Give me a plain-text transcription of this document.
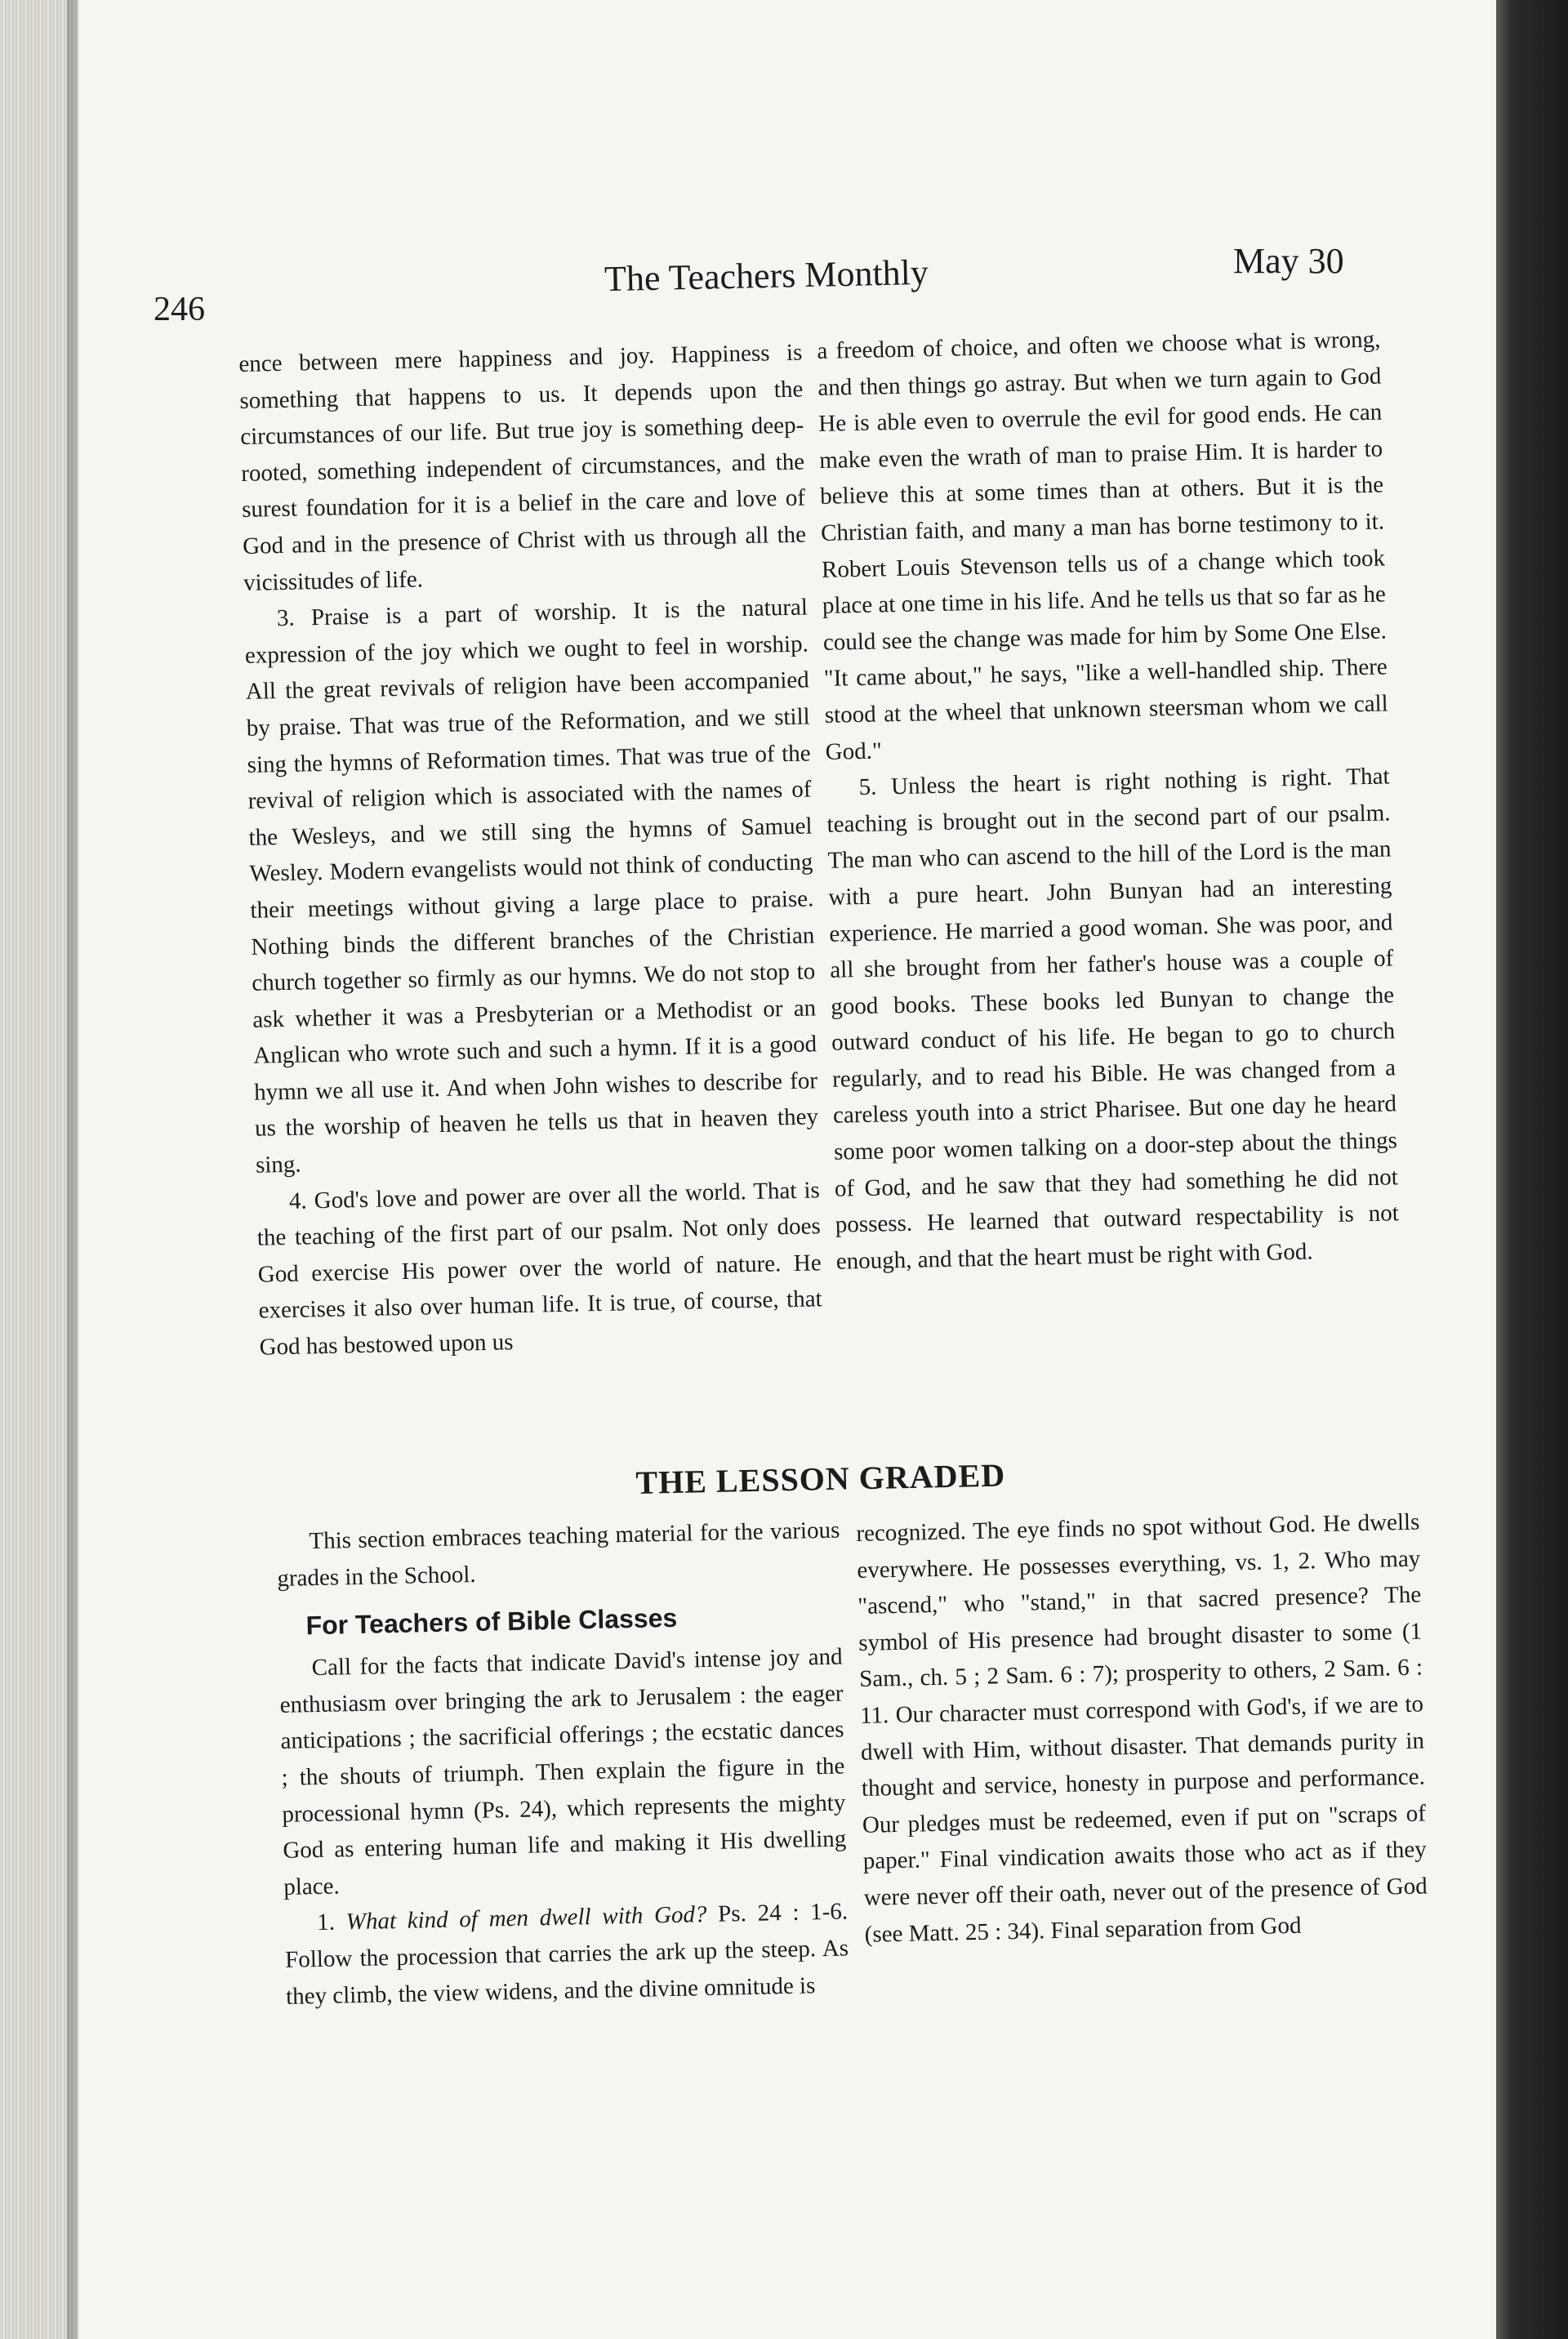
246
The Teachers Monthly	May 30

ence between mere happiness and joy. Happiness is something that happens to us. It depends upon the circumstances of our life. But true joy is something deep-rooted, something independent of circumstances, and the surest foundation for it is a belief in the care and love of God and in the presence of Christ with us through all the vicissitudes of life.

3. Praise is a part of worship. It is the natural expression of the joy which we ought to feel in worship. All the great revivals of religion have been accompanied by praise. That was true of the Reformation, and we still sing the hymns of Reformation times. That was true of the revival of religion which is associated with the names of the Wesleys, and we still sing the hymns of Samuel Wesley. Modern evangelists would not think of conducting their meetings without giving a large place to praise. Nothing binds the different branches of the Christian church together so firmly as our hymns. We do not stop to ask whether it was a Presbyterian or a Methodist or an Anglican who wrote such and such a hymn. If it is a good hymn we all use it. And when John wishes to describe for us the worship of heaven he tells us that in heaven they sing.

4. God's love and power are over all the world. That is the teaching of the first part of our psalm. Not only does God exercise His power over the world of nature. He exercises it also over human life. It is true, of course, that God has bestowed upon us

a freedom of choice, and often we choose what is wrong, and then things go astray. But when we turn again to God He is able even to overrule the evil for good ends. He can make even the wrath of man to praise Him. It is harder to believe this at some times than at others. But it is the Christian faith, and many a man has borne testimony to it. Robert Louis Stevenson tells us of a change which took place at one time in his life. And he tells us that so far as he could see the change was made for him by Some One Else. "It came about," he says, "like a well-handled ship. There stood at the wheel that unknown steersman whom we call God."

5. Unless the heart is right nothing is right. That teaching is brought out in the second part of our psalm. The man who can ascend to the hill of the Lord is the man with a pure heart. John Bunyan had an interesting experience. He married a good woman. She was poor, and all she brought from her father's house was a couple of good books. These books led Bunyan to change the outward conduct of his life. He began to go to church regularly, and to read his Bible. He was changed from a careless youth into a strict Pharisee. But one day he heard some poor women talking on a door-step about the things of God, and he saw that they had something he did not possess. He learned that outward respectability is not enough, and that the heart must be right with God.

THE LESSON GRADED

This section embraces teaching material for the various grades in the School.

For Teachers of Bible Classes

Call for the facts that indicate David's intense joy and enthusiasm over bringing the ark to Jerusalem : the eager anticipations ; the sacrificial offerings ; the ecstatic dances ; the shouts of triumph. Then explain the figure in the processional hymn (Ps. 24), which represents the mighty God as entering human life and making it His dwelling place.

1. What kind of men dwell with God? Ps. 24 : 1-6. Follow the procession that carries the ark up the steep. As they climb, the view widens, and the divine omnitude is

recognized. The eye finds no spot without God. He dwells everywhere. He possesses everything, vs. 1, 2. Who may "ascend," who "stand," in that sacred presence? The symbol of His presence had brought disaster to some (1 Sam., ch. 5 ; 2 Sam. 6 : 7); prosperity to others, 2 Sam. 6 : 11. Our character must correspond with God's, if we are to dwell with Him, without disaster. That demands purity in thought and service, honesty in purpose and performance. Our pledges must be redeemed, even if put on "scraps of paper." Final vindication awaits those who act as if they were never off their oath, never out of the presence of God (see Matt. 25 : 34). Final separation from God
